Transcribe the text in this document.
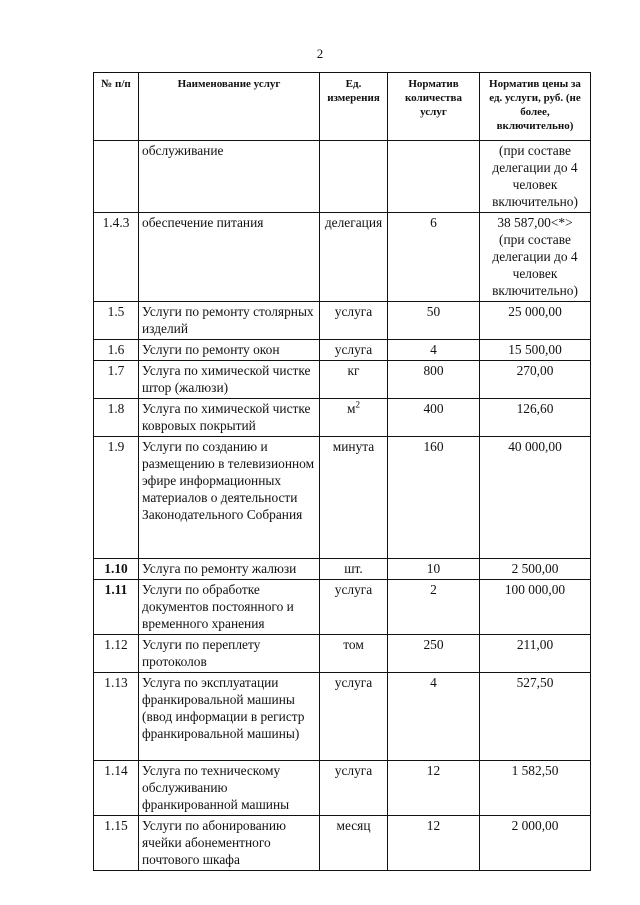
2
№ п/п	Наименование услуг	Ед. измерения	Норматив количества услуг	Норматив цены за ед. услуги, руб. (не более, включительно)
	обслуживание			(при составе делегации до 4 человек включительно)
1.4.3	обеспечение питания	делегация	6	38 587,00<*> (при составе делегации до 4 человек включительно)
1.5	Услуги по ремонту столярных изделий	услуга	50	25 000,00
1.6	Услуги по ремонту окон	услуга	4	15 500,00
1.7	Услуга по химической чистке штор (жалюзи)	кг	800	270,00
1.8	Услуга по химической чистке ковровых покрытий	$м^2$	400	126,60
1.9	Услуги по созданию и размещению в телевизионном эфире информационных материалов о деятельности Законодательного Собрания	минута	160	40 000,00
1.10	Услуга по ремонту жалюзи	шт.	10	2 500,00
1.11	Услуги по обработке документов постоянного и временного хранения	услуга	2	100 000,00
1.12	Услуги по переплету протоколов	том	250	211,00
1.13	Услуга по эксплуатации франкировальной машины (ввод информации в регистр франкировальной машины)	услуга	4	527,50
1.14	Услуга по техническому обслуживанию франкированной машины	услуга	12	1 582,50
1.15	Услуги по абонированию ячейки абонементного почтового шкафа	месяц	12	2 000,00
